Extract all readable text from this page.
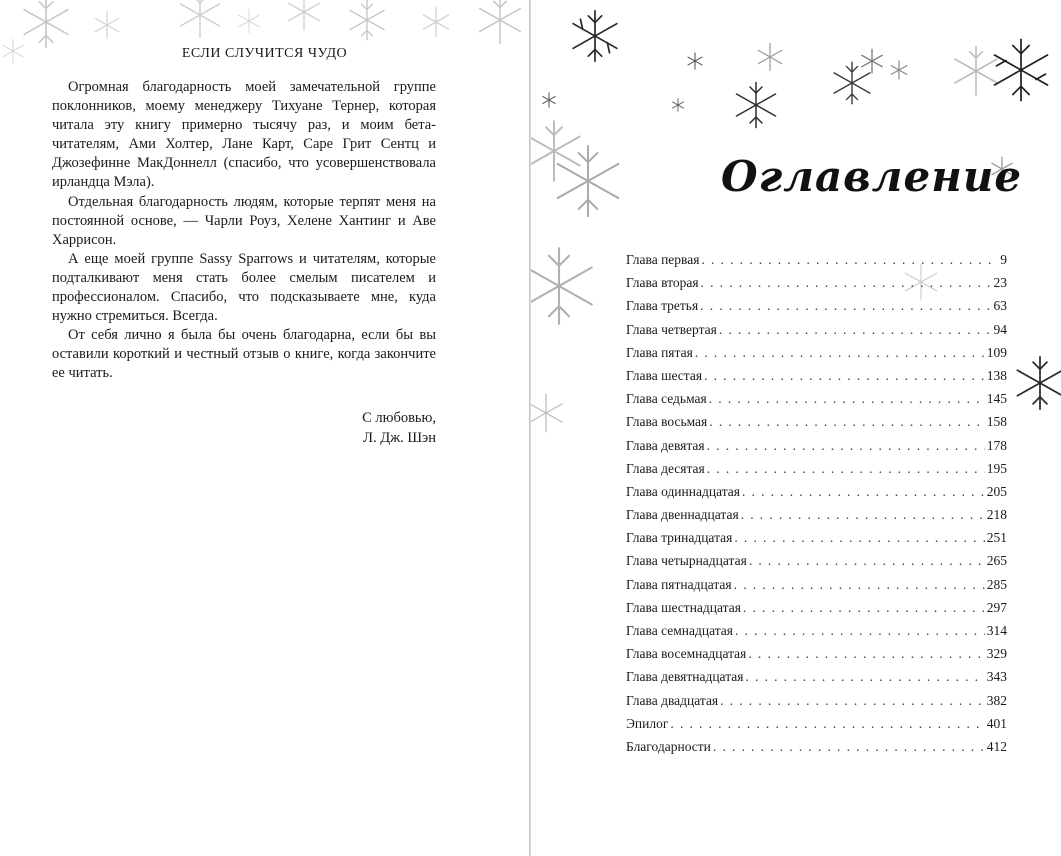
ЕСЛИ СЛУЧИТСЯ ЧУДО

Огромная благодарность моей замечательной группе поклонников, моему менеджеру Тихуане Тернер, которая читала эту книгу примерно тысячу раз, и моим бета-читателям, Ами Холтер, Лане Карт, Саре Грит Сентц и Джозефинне МакДоннелл (спасибо, что усовершенствовала ирландца Мэла).

Отдельная благодарность людям, которые терпят меня на постоянной основе, — Чарли Роуз, Хелене Хантинг и Аве Харрисон.

А еще моей группе Sassy Sparrows и читателям, которые подталкивают меня стать более смелым писателем и профессионалом. Спасибо, что подсказываете мне, куда нужно стремиться. Всегда.

От себя лично я была бы очень благодарна, если бы вы оставили короткий и честный отзыв о книге, когда закончите ее читать.

С любовью,
Л. Дж. Шэн
Оглавление
Глава первая . . .	9
Глава вторая . . .	23
Глава третья . . .	63
Глава четвертая . . .	94
Глава пятая . . .	109
Глава шестая . . .	138
Глава седьмая . . .	145
Глава восьмая . . .	158
Глава девятая . . .	178
Глава десятая . . .	195
Глава одиннадцатая . . .	205
Глава двеннадцатая . . .	218
Глава тринадцатая . . .	251
Глава четырнадцатая . . .	265
Глава пятнадцатая . . .	285
Глава шестнадцатая . . .	297
Глава семнадцатая . . .	314
Глава восемнадцатая . . .	329
Глава девятнадцатая . . .	343
Глава двадцатая . . .	382
Эпилог . . .	401
Благодарности . . .	412
